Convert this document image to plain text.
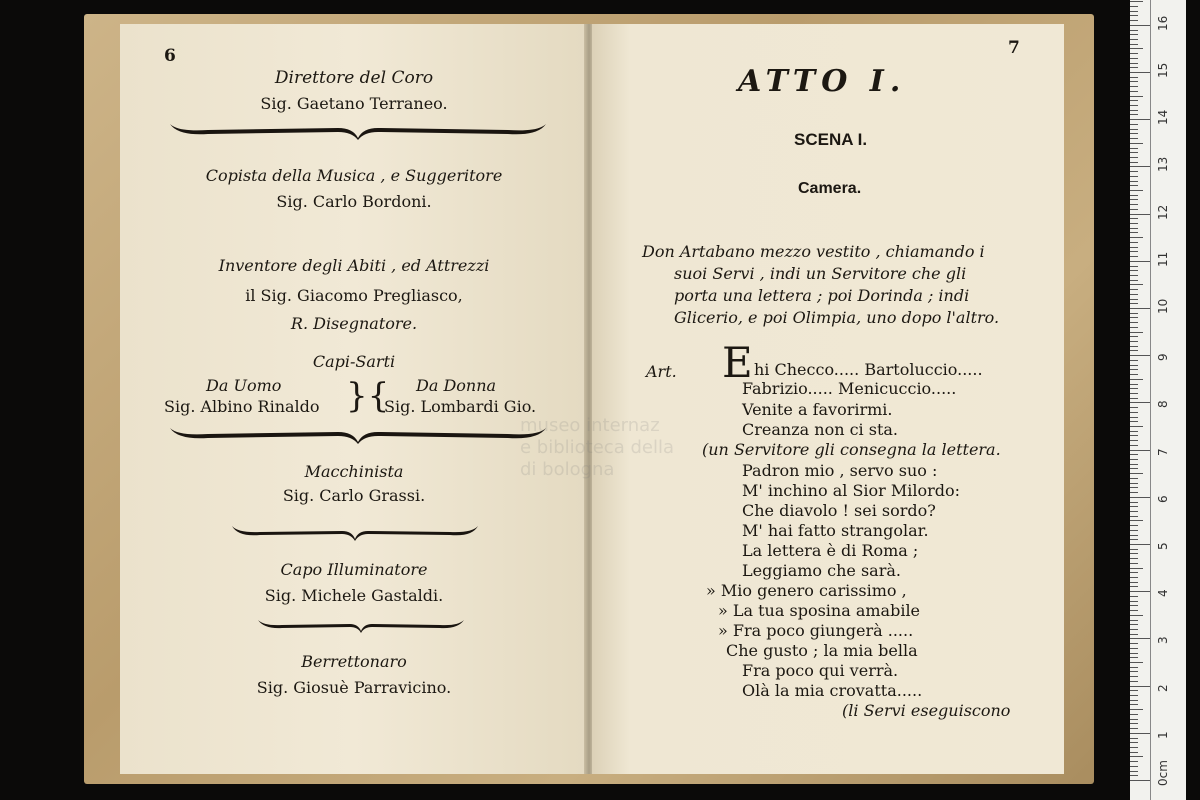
6
Direttore del Coro
Sig. Gaetano Terraneo.
Copista della Musica , e Suggeritore
Sig. Carlo Bordoni.
Inventore degli Abiti , ed Attrezzi
il Sig. Giacomo Pregliasco,
R. Disegnatore.
Capi-Sarti
Da Uomo
Sig. Albino Rinaldo }{ Da Donna
Sig. Lombardi Gio.
Macchinista
Sig. Carlo Grassi.
Capo Illuminatore
Sig. Michele Gastaldi.
Berrettonaro
Sig. Giosuè Parravicino.
7
ATTO I.
SCENA I.
Camera.
Don Artabano mezzo vestito , chiamando i
suoi Servi , indi un Servitore che gli
porta una lettera ; poi Dorinda ; indi
Glicerio, e poi Olimpia, uno dopo l'altro.
Art. E hi Checco..... Bartoluccio.....
Fabrizio..... Menicuccio.....
Venite a favorirmi.
Creanza non ci sta.
(un Servitore gli consegna la lettera.
Padron mio , servo suo :
M' inchino al Sior Milordo:
Che diavolo ! sei sordo?
M' hai fatto strangolar.
La lettera è di Roma ;
Leggiamo che sarà.
» Mio genero carissimo ,
» La tua sposina amabile
» Fra poco giungerà .....
Che gusto ; la mia bella
Fra poco qui verrà.
Olà la mia crovatta.....
(li Servi eseguiscono
museo internaz
e biblioteca della
di bologna
0cm
1
2
3
4
5
6
7
8
9
10
11
12
13
14
15
16
